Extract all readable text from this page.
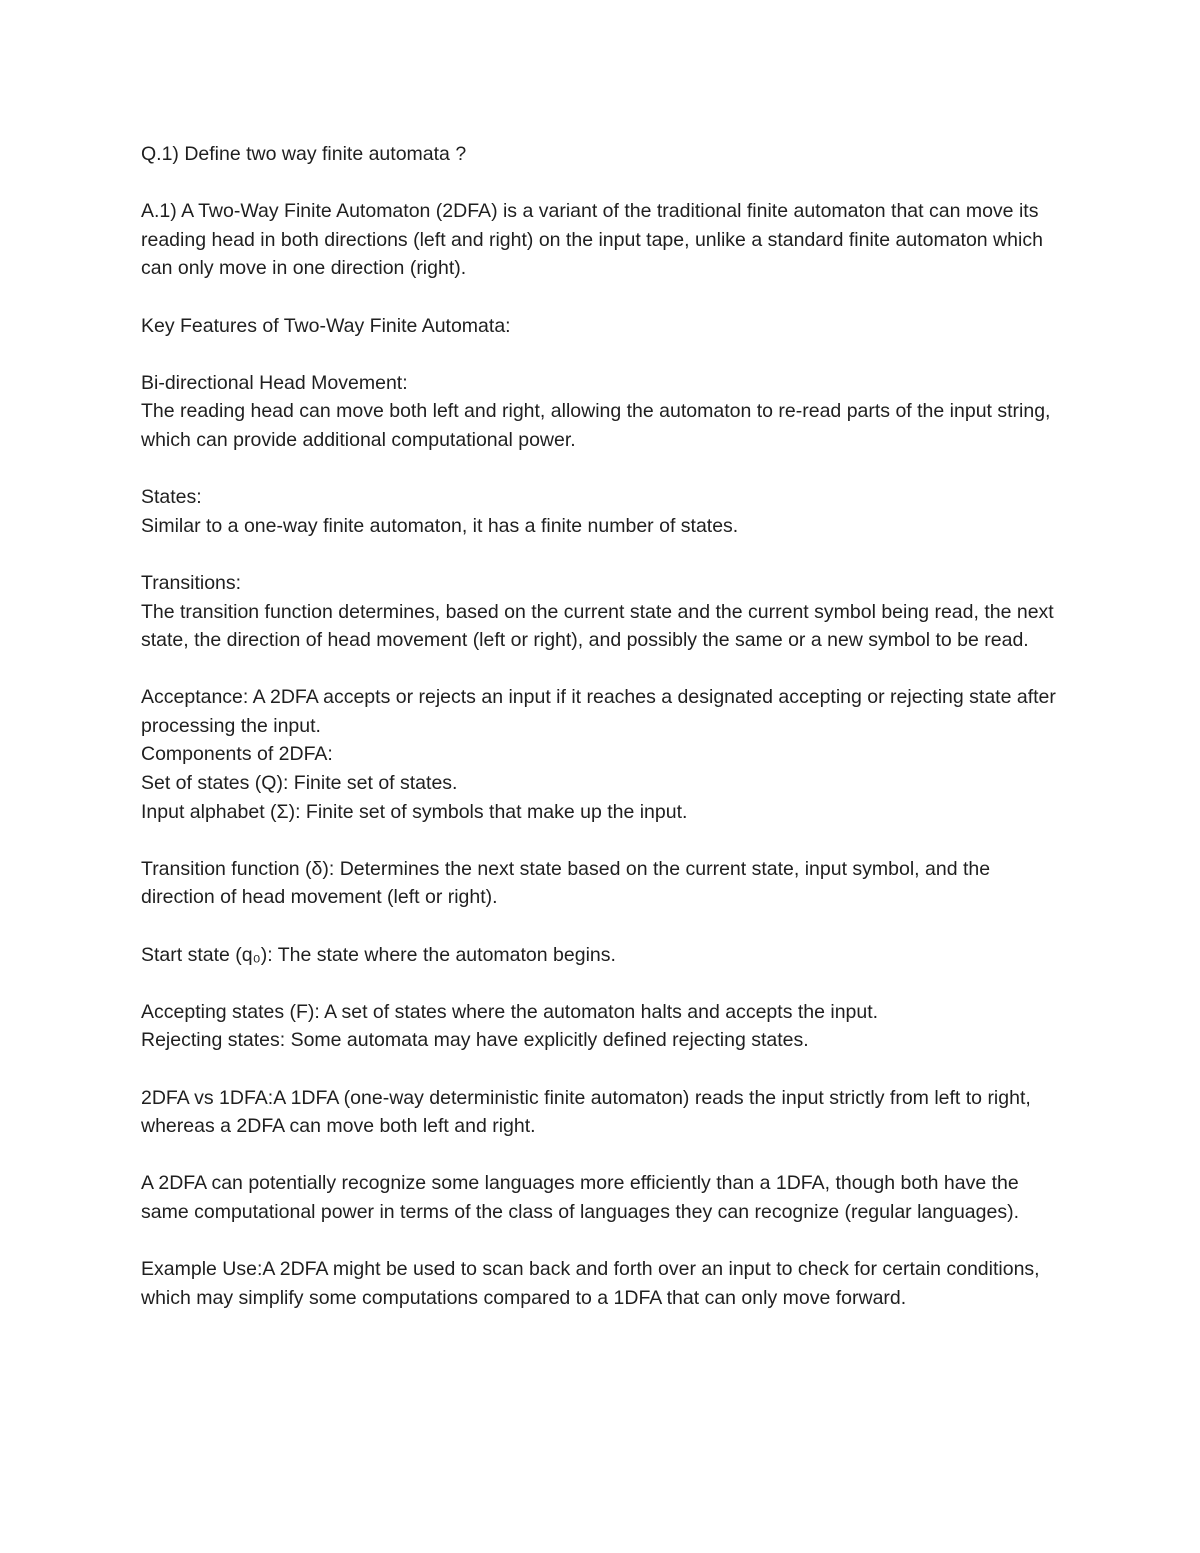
Q.1) Define two way finite automata ?

A.1) A Two-Way Finite Automaton (2DFA) is a variant of the traditional finite automaton that can move its reading head in both directions (left and right) on the input tape, unlike a standard finite automaton which can only move in one direction (right).

Key Features of Two-Way Finite Automata:

Bi-directional Head Movement:

The reading head can move both left and right, allowing the automaton to re-read parts of the input string, which can provide additional computational power.

States:

Similar to a one-way finite automaton, it has a finite number of states.

Transitions:

The transition function determines, based on the current state and the current symbol being read, the next state, the direction of head movement (left or right), and possibly the same or a new symbol to be read.

Acceptance: A 2DFA accepts or rejects an input if it reaches a designated accepting or rejecting state after processing the input.

Components of 2DFA:

Set of states (Q): Finite set of states.

Input alphabet (Σ): Finite set of symbols that make up the input.

Transition function (δ): Determines the next state based on the current state, input symbol, and the direction of head movement (left or right).

Start state (q₀): The state where the automaton begins.

Accepting states (F): A set of states where the automaton halts and accepts the input.

Rejecting states: Some automata may have explicitly defined rejecting states.

2DFA vs 1DFA:A 1DFA (one-way deterministic finite automaton) reads the input strictly from left to right, whereas a 2DFA can move both left and right.

A 2DFA can potentially recognize some languages more efficiently than a 1DFA, though both have the same computational power in terms of the class of languages they can recognize (regular languages).

Example Use:A 2DFA might be used to scan back and forth over an input to check for certain conditions, which may simplify some computations compared to a 1DFA that can only move forward.
